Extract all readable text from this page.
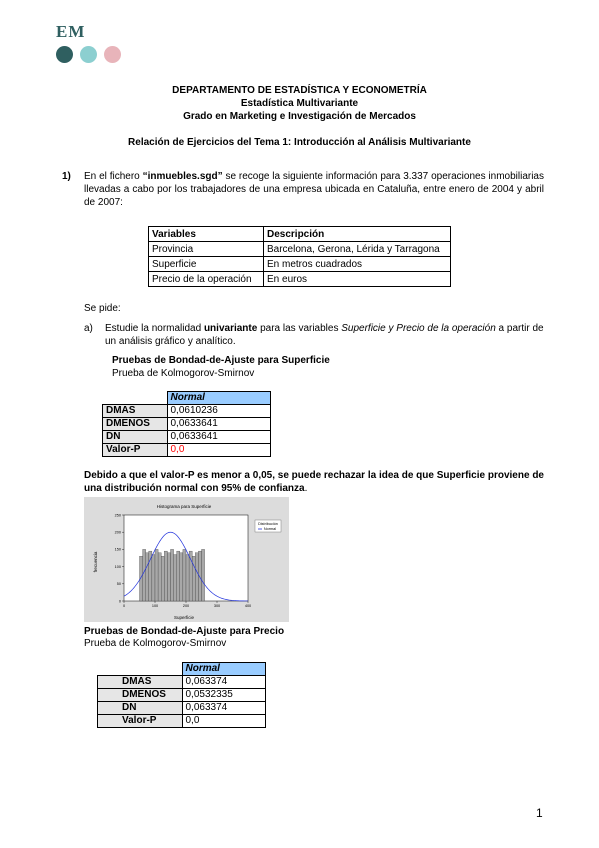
EM
DEPARTAMENTO DE ESTADÍSTICA Y ECONOMETRÍA
Estadística Multivariante
Grado en Marketing e Investigación de Mercados
Relación de Ejercicios del Tema 1: Introducción al Análisis Multivariante
1) En el fichero “inmuebles.sgd” se recoge la siguiente información para 3.337 operaciones inmobiliarias llevadas a cabo por los trabajadores de una empresa ubicada en Cataluña, entre enero de 2004 y abril de 2007:
Variables	Descripción
Provincia	Barcelona, Gerona, Lérida y Tarragona
Superficie	En metros cuadrados
Precio de la operación	En euros
Se pide:
a) Estudie la normalidad univariante para las variables Superficie y Precio de la operación a partir de un análisis gráfico y analítico.
Pruebas de Bondad-de-Ajuste para Superficie
Prueba de Kolmogorov-Smirnov
	Normal
DMAS	0,0610236
DMENOS	0,0633641
DN	0,0633641
Valor-P	0,0
Debido a que el valor-P es menor a 0,05, se puede rechazar la idea de que Superficie proviene de una distribución normal con 95% de confianza.
Histograma para Superficie
Superficie
frecuencia
0	100	200	300	400
0
50
100
150
200
250
Distribución
Normal
Pruebas de Bondad-de-Ajuste para Precio
Prueba de Kolmogorov-Smirnov
	Normal
DMAS	0,063374
DMENOS	0,0532335
DN	0,063374
Valor-P	0,0
1
